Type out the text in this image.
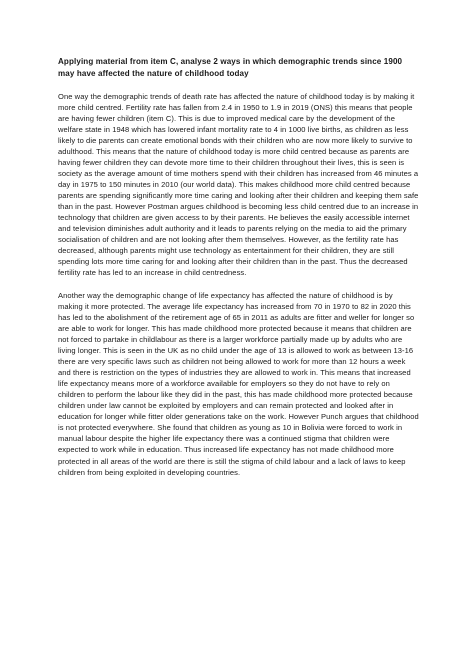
Applying material from item C, analyse 2 ways in which demographic trends since 1900 may have affected the nature of childhood today

One way the demographic trends of death rate has affected the nature of childhood today is by making it more child centred. Fertility rate has fallen from 2.4 in 1950 to 1.9 in 2019 (ONS) this means that people are having fewer children (item C). This is due to improved medical care by the development of the welfare state in 1948 which has lowered infant mortality rate to 4 in 1000 live births, as children as less likely to die parents can create emotional bonds with their children who are now more likely to survive to adulthood. This means that the nature of childhood today is more child centred because as parents are having fewer children they can devote more time to their children throughout their lives, this is seen is society as the average amount of time mothers spend with their children has increased from 46 minutes a day in 1975 to 150 minutes in 2010 (our world data). This makes childhood more child centred because parents are spending significantly more time caring and looking after their children and keeping them safe than in the past. However Postman argues childhood is becoming less child centred due to an increase in technology that children are given access to by their parents. He believes the easily accessible internet and television diminishes adult authority and it leads to parents relying on the media to aid the primary socialisation of children and are not looking after them themselves. However, as the fertility rate has decreased, although parents might use technology as entertainment for their children, they are still spending lots more time caring for and looking after their children than in the past. Thus the decreased fertility rate has led to an increase in child centredness.

Another way the demographic change of life expectancy has affected the nature of childhood is by making it more protected. The average life expectancy has increased from 70 in 1970 to 82 in 2020 this has led to the abolishment of the retirement age of 65 in 2011 as adults are fitter and weller for longer so are able to work for longer. This has made childhood more protected because it means that children are not forced to partake in childlabour as there is a larger workforce partially made up by adults who are living longer. This is seen in the UK as no child under the age of 13 is allowed to work as between 13-16 there are very specific laws such as children not being allowed to work for more than 12 hours a week and there is restriction on the types of industries they are allowed to work in. This means that increased life expectancy means more of a workforce available for employers so they do not have to rely on children to perform the labour like they did in the past, this has made childhood more protected because children under law cannot be exploited by employers and can remain protected and looked after in education for longer while fitter older generations take on the work. However Punch argues that childhood is not protected everywhere. She found that children as young as 10 in Bolivia were forced to work in manual labour despite the higher life expectancy there was a continued stigma that children were expected to work while in education. Thus increased life expectancy has not made childhood more protected in all areas of the world are there is still the stigma of child labour and a lack of laws to keep children from being exploited in developing countries.
